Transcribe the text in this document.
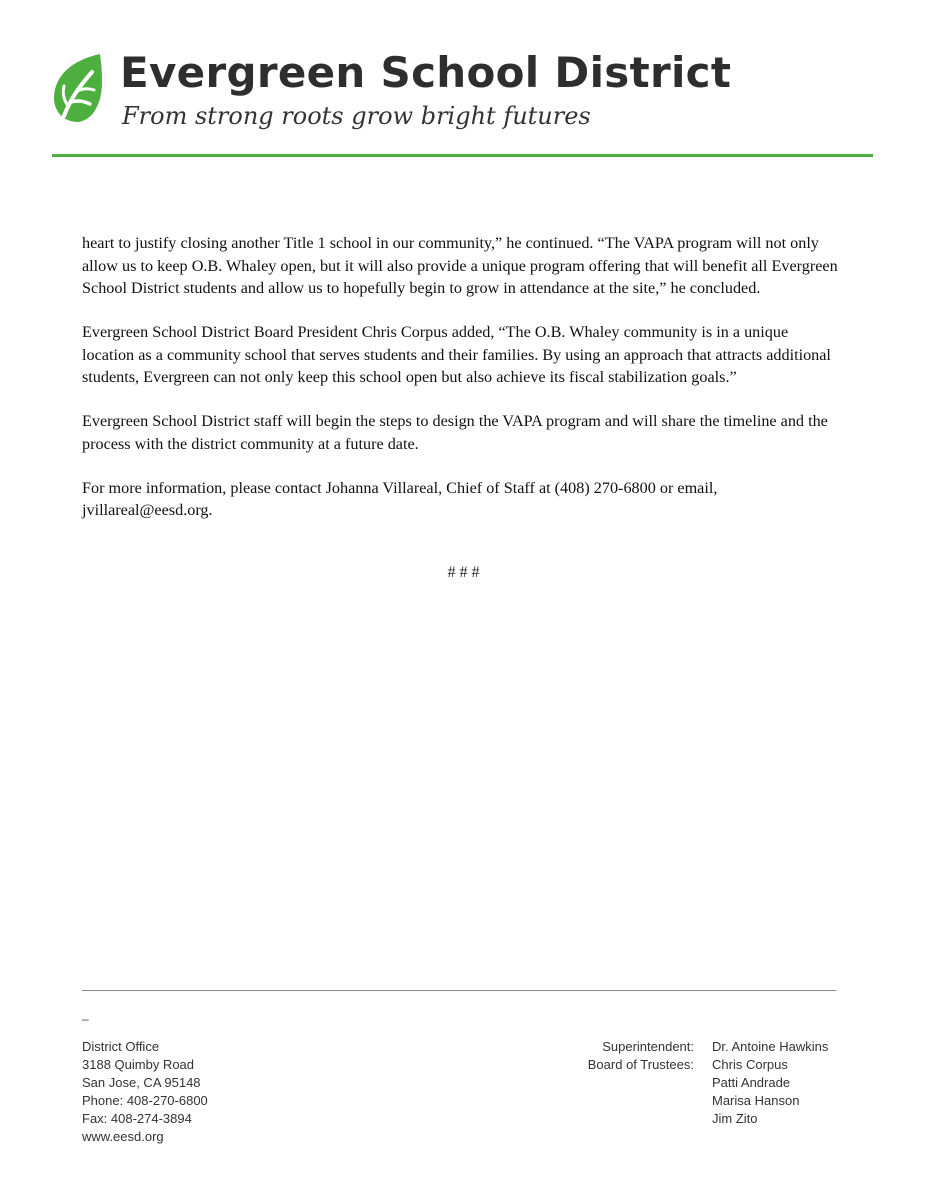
Evergreen School District
From strong roots grow bright futures

heart to justify closing another Title 1 school in our community,” he continued. “The VAPA program will not only allow us to keep O.B. Whaley open, but it will also provide a unique program offering that will benefit all Evergreen School District students and allow us to hopefully begin to grow in attendance at the site,” he concluded.

Evergreen School District Board President Chris Corpus added, “The O.B. Whaley community is in a unique location as a community school that serves students and their families. By using an approach that attracts additional students, Evergreen can not only keep this school open but also achieve its fiscal stabilization goals.”

Evergreen School District staff will begin the steps to design the VAPA program and will share the timeline and the process with the district community at a future date.

For more information, please contact Johanna Villareal, Chief of Staff at (408) 270-6800 or email, jvillareal@eesd.org.

# # #
–
District Office
3188 Quimby Road
San Jose, CA 95148
Phone: 408-270-6800
Fax: 408-274-3894
www.eesd.org
Superintendent:
Board of Trustees:
Dr. Antoine Hawkins
Chris Corpus
Patti Andrade
Marisa Hanson
Jim Zito
